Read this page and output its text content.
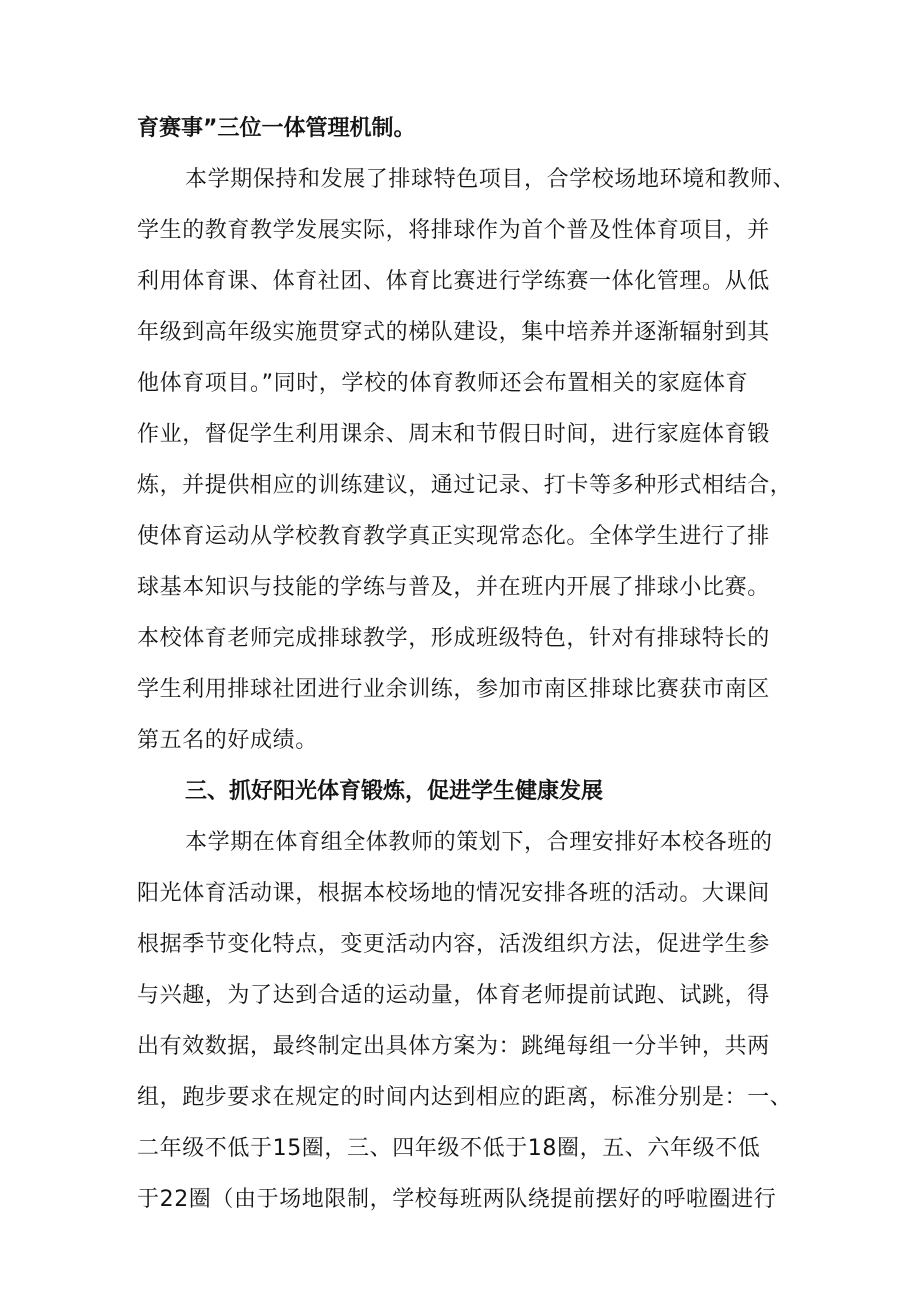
育赛事”三位一体管理机制。
本学期保持和发展了排球特色项目，合学校场地环境和教师、
学生的教育教学发展实际，将排球作为首个普及性体育项目，并
利用体育课、体育社团、体育比赛进行学练赛一体化管理。从低
年级到高年级实施贯穿式的梯队建设，集中培养并逐渐辐射到其
他体育项目。”同时，学校的体育教师还会布置相关的家庭体育
作业，督促学生利用课余、周末和节假日时间，进行家庭体育锻
炼，并提供相应的训练建议，通过记录、打卡等多种形式相结合，
使体育运动从学校教育教学真正实现常态化。全体学生进行了排
球基本知识与技能的学练与普及，并在班内开展了排球小比赛。
本校体育老师完成排球教学，形成班级特色，针对有排球特长的
学生利用排球社团进行业余训练，参加市南区排球比赛获市南区
第五名的好成绩。
三、抓好阳光体育锻炼，促进学生健康发展
本学期在体育组全体教师的策划下，合理安排好本校各班的
阳光体育活动课，根据本校场地的情况安排各班的活动。大课间
根据季节变化特点，变更活动内容，活泼组织方法，促进学生参
与兴趣，为了达到合适的运动量，体育老师提前试跑、试跳，得
出有效数据，最终制定出具体方案为：跳绳每组一分半钟，共两
组，跑步要求在规定的时间内达到相应的距离，标准分别是：一、
二年级不低于15圈，三、四年级不低于18圈，五、六年级不低
于22圈（由于场地限制，学校每班两队绕提前摆好的呼啦圈进行
